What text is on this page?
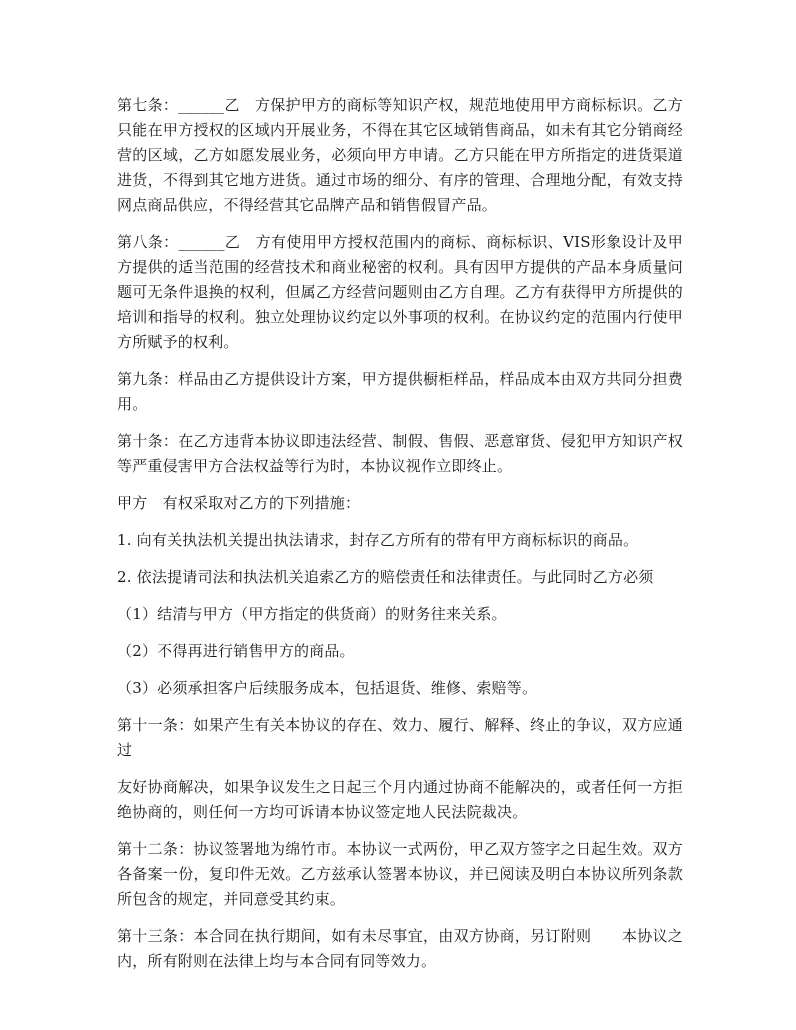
第七条：______乙　方保护甲方的商标等知识产权，规范地使用甲方商标标识。乙方只能在甲方授权的区域内开展业务，不得在其它区域销售商品，如未有其它分销商经营的区域，乙方如愿发展业务，必须向甲方申请。乙方只能在甲方所指定的进货渠道进货，不得到其它地方进货。通过市场的细分、有序的管理、合理地分配，有效支持网点商品供应，不得经营其它品牌产品和销售假冒产品。

第八条：______乙　方有使用甲方授权范围内的商标、商标标识、VIS形象设计及甲方提供的适当范围的经营技术和商业秘密的权利。具有因甲方提供的产品本身质量问题可无条件退换的权利，但属乙方经营问题则由乙方自理。乙方有获得甲方所提供的培训和指导的权利。独立处理协议约定以外事项的权利。在协议约定的范围内行使甲方所赋予的权利。

第九条：样品由乙方提供设计方案，甲方提供橱柜样品，样品成本由双方共同分担费用。

第十条：在乙方违背本协议即违法经营、制假、售假、恶意窜货、侵犯甲方知识产权等严重侵害甲方合法权益等行为时，本协议视作立即终止。

甲方　有权采取对乙方的下列措施：

1. 向有关执法机关提出执法请求，封存乙方所有的带有甲方商标标识的商品。

2. 依法提请司法和执法机关追索乙方的赔偿责任和法律责任。与此同时乙方必须

（1）结清与甲方（甲方指定的供货商）的财务往来关系。

（2）不得再进行销售甲方的商品。

（3）必须承担客户后续服务成本，包括退货、维修、索赔等。

第十一条：如果产生有关本协议的存在、效力、履行、解释、终止的争议，双方应通过

友好协商解决，如果争议发生之日起三个月内通过协商不能解决的，或者任何一方拒绝协商的，则任何一方均可诉请本协议签定地人民法院裁决。

第十二条：协议签署地为绵竹市。本协议一式两份，甲乙双方签字之日起生效。双方各备案一份，复印件无效。乙方兹承认签署本协议，并已阅读及明白本协议所列条款所包含的规定，并同意受其约束。

第十三条：本合同在执行期间，如有未尽事宜，由双方协商，另订附则　　本协议之内，所有附则在法律上均与本合同有同等效力。
